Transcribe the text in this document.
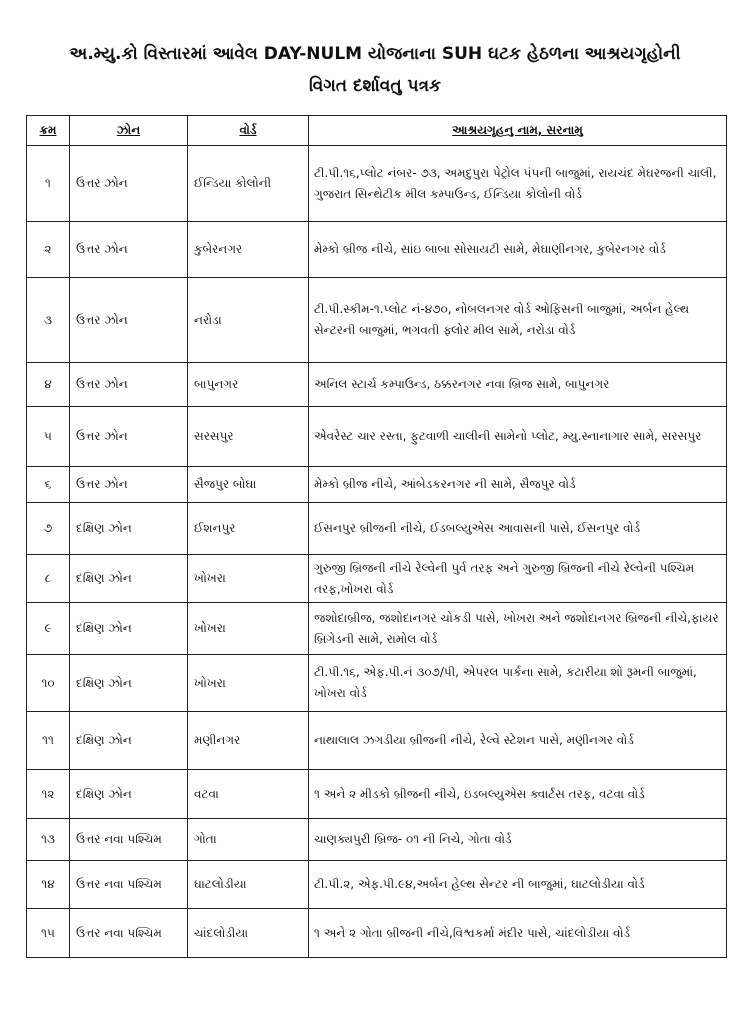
અ.મ્યુ.કો વિસ્તારમાં આવેલ DAY-NULM યોજનાના SUH ઘટક હેઠળના આશ્રયગૃહોની
વિગત દર્શાવતુ પત્રક
ક્રમ	ઝોન	વોર્ડ	આશ્રયગૃહનુ નામ, સરનામુ
૧	ઉત્તર ઝોન	ઈન્ડિયા કોલોની	ટી.પી.૧૬,પ્લોટ નંબર- ૭૩, અમદુપુરા પેટ્રોલ પંપની બાજુમાં, રાયચંદ મેઘરજની ચાલી, ગુજરાત સિન્થેટીક મીલ કમ્પાઉન્ડ, ઈન્ડિયા કોલોની વોર્ડ
૨	ઉત્તર ઝોન	કુબેરનગર	મેમ્કો બ્રીજ નીચે, સાંઇ બાબા સોસાયટી સામે, મેઘાણીનગર, કુબેરનગર વોર્ડ
૩	ઉત્તર ઝોન	નરોડા	ટી.પી.સ્કીમ-૧.પ્લોટ નં-૪૭૦, નોબલનગર વોર્ડ ઓફિસની બાજુમાં, અર્બન હેલ્થ સેન્ટરની બાજુમાં, ભગવતી ફ્લોર મીલ સામે, નરોડા વોર્ડ
૪	ઉત્તર ઝોન	બાપુનગર	અનિલ સ્ટાર્ચ કમ્પાઉન્ડ, ઠક્કરનગર નવા બ્રિજ સામે, બાપુનગર
૫	ઉત્તર ઝોન	સરસપુર	એવરેસ્ટ ચાર રસ્તા, ફુટવાળી ચાલીની સામેનો પ્લોટ, મ્યુ.સ્નાનાગાર સામે, સરસપુર
૬	ઉત્તર ઝોન	સૈજપુર બોઘા	મેમ્કો બ્રીજ નીચે, આંબેડકરનગર ની સામે, સૈજપુર વોર્ડ
૭	દક્ષિણ ઝોન	ઈશનપુર	ઈસનપુર બ્રીજની નીચે, ઈડબલ્યુએસ આવાસની પાસે, ઈસનપુર વોર્ડ
૮	દક્ષિણ ઝોન	ખોખરા	ગુરુજી બ્રિજની નીચે રેલ્વેની પુર્વ તરફ અને ગુરુજી બ્રિજની નીચે રેલ્વેની પશ્ચિમ તરફ,ખોખરા વોર્ડ
૯	દક્ષિણ ઝોન	ખોખરા	જશોદાબ્રીજ, જશોદાનગર ચોકડી પાસે, ખોખરા અને જશોદાનગર બ્રિજની નીચે,ફાયર બ્રિગેડની સામે, રામોલ વોર્ડ
૧૦	દક્ષિણ ઝોન	ખોખરા	ટી.પી.૧૬, એફ.પી.નં ૩૦૭/પી, એપરલ પાર્કના સામે, કટારીયા શો રૂમની બાજુમાં, ખોખરા વોર્ડ
૧૧	દક્ષિણ ઝોન	મણીનગર	નાથાલાલ ઝગડીયા બ્રીજની નીચે, રેલ્વે સ્ટેશન પાસે, મણીનગર વોર્ડ
૧૨	દક્ષિણ ઝોન	વટવા	૧ અને ૨ મીડકો બ્રીજની નીચે, ઇડબલ્યુએસ ક્વાર્ટસ તરફ, વટવા વોર્ડ
૧૩	ઉત્તર નવા પશ્ચિમ	ગોતા	ચાણક્યપુરી બ્રિજ- ૦૧ ની નિચે, ગોતા વોર્ડ
૧૪	ઉત્તર નવા પશ્ચિમ	ઘાટલોડીયા	ટી.પી.૨, એફ.પી.૯૪,અર્બન હેલ્થ સેન્ટર ની બાજુમાં, ઘાટલોડીયા વોર્ડ
૧૫	ઉત્તર નવા પશ્ચિમ	ચાંદલોડીયા	૧ અને ૨ ગોતા બ્રીજની નીચે,વિશ્વકર્મા મંદીર પાસે, ચાંદલોડીયા વોર્ડ
